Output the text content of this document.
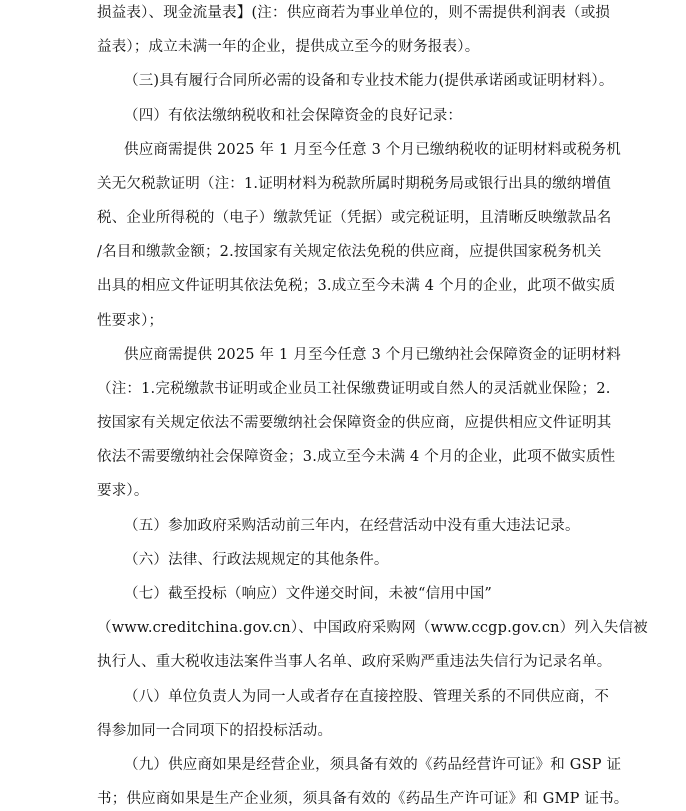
损益表）、现金流量表】(注：供应商若为事业单位的，则不需提供利润表（或损
益表）；成立未满一年的企业，提供成立至今的财务报表）。
（三)具有履行合同所必需的设备和专业技术能力(提供承诺函或证明材料）。
（四）有依法缴纳税收和社会保障资金的良好记录：
供应商需提供 2025 年 1 月至今任意 3 个月已缴纳税收的证明材料或税务机
关无欠税款证明（注：1.证明材料为税款所属时期税务局或银行出具的缴纳增值
税、企业所得税的（电子）缴款凭证（凭据）或完税证明，且清晰反映缴款品名
/名目和缴款金额；2.按国家有关规定依法免税的供应商，应提供国家税务机关
出具的相应文件证明其依法免税；3.成立至今未满 4 个月的企业，此项不做实质
性要求）；
供应商需提供 2025 年 1 月至今任意 3 个月已缴纳社会保障资金的证明材料
（注：1.完税缴款书证明或企业员工社保缴费证明或自然人的灵活就业保险；2.
按国家有关规定依法不需要缴纳社会保障资金的供应商，应提供相应文件证明其
依法不需要缴纳社会保障资金；3.成立至今未满 4 个月的企业，此项不做实质性
要求）。
（五）参加政府采购活动前三年内，在经营活动中没有重大违法记录。
（六）法律、行政法规规定的其他条件。
（七）截至投标（响应）文件递交时间，未被“信用中国”
（www.creditchina.gov.cn）、中国政府采购网（www.ccgp.gov.cn）列入失信被
执行人、重大税收违法案件当事人名单、政府采购严重违法失信行为记录名单。
（八）单位负责人为同一人或者存在直接控股、管理关系的不同供应商，不
得参加同一合同项下的招投标活动。
（九）供应商如果是经营企业，须具备有效的《药品经营许可证》和 GSP 证
书；供应商如果是生产企业须，须具备有效的《药品生产许可证》和 GMP 证书。
